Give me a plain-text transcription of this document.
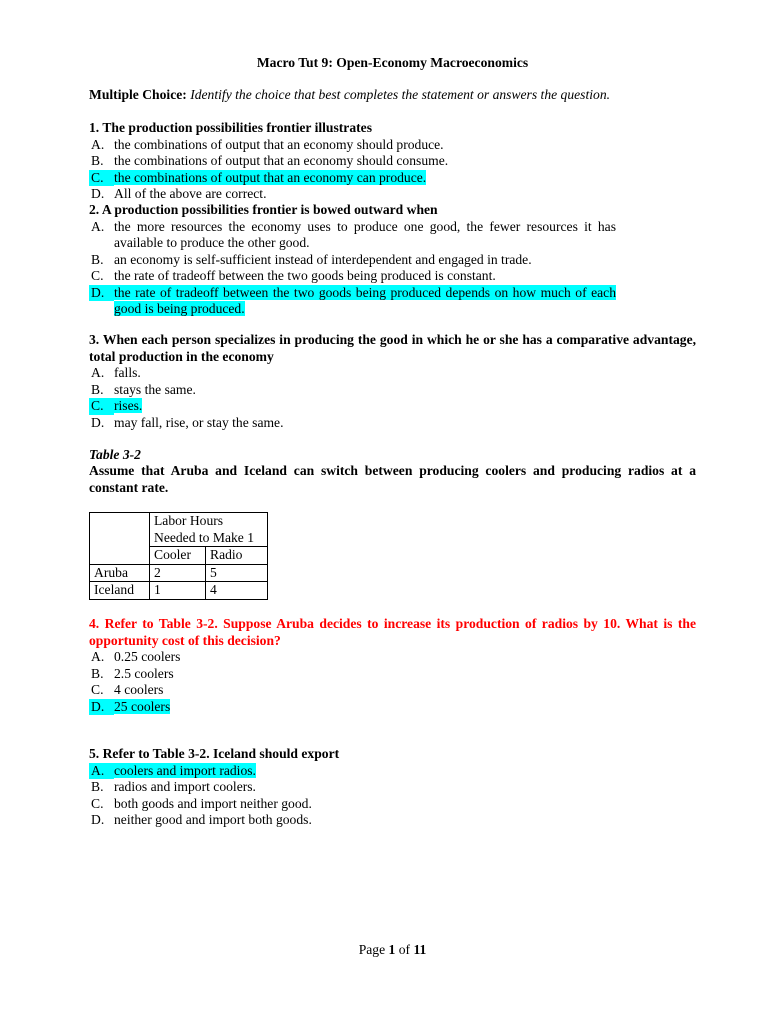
Macro Tut 9: Open-Economy Macroeconomics
Multiple Choice: Identify the choice that best completes the statement or answers the question.
1. The production possibilities frontier illustrates
A. the combinations of output that an economy should produce.
B. the combinations of output that an economy should consume.
C. the combinations of output that an economy can produce.
D. All of the above are correct.
2. A production possibilities frontier is bowed outward when
A. the more resources the economy uses to produce one good, the fewer resources it has available to produce the other good.
B. an economy is self-sufficient instead of interdependent and engaged in trade.
C. the rate of tradeoff between the two goods being produced is constant.
D. the rate of tradeoff between the two goods being produced depends on how much of each good is being produced.
3. When each person specializes in producing the good in which he or she has a comparative advantage, total production in the economy
A. falls.
B. stays the same.
C. rises.
D. may fall, rise, or stay the same.
Table 3-2
Assume that Aruba and Iceland can switch between producing coolers and producing radios at a constant rate.

	Labor Hours
Needed to Make 1	

	Cooler	Radio
Aruba	2	5
Iceland	1	4
4. Refer to Table 3-2. Suppose Aruba decides to increase its production of radios by 10. What is the opportunity cost of this decision?
A. 0.25 coolers
B. 2.5 coolers
C. 4 coolers
D. 25 coolers
5. Refer to Table 3-2. Iceland should export
A. coolers and import radios.
B. radios and import coolers.
C. both goods and import neither good.
D. neither good and import both goods.
Page 1 of 11
